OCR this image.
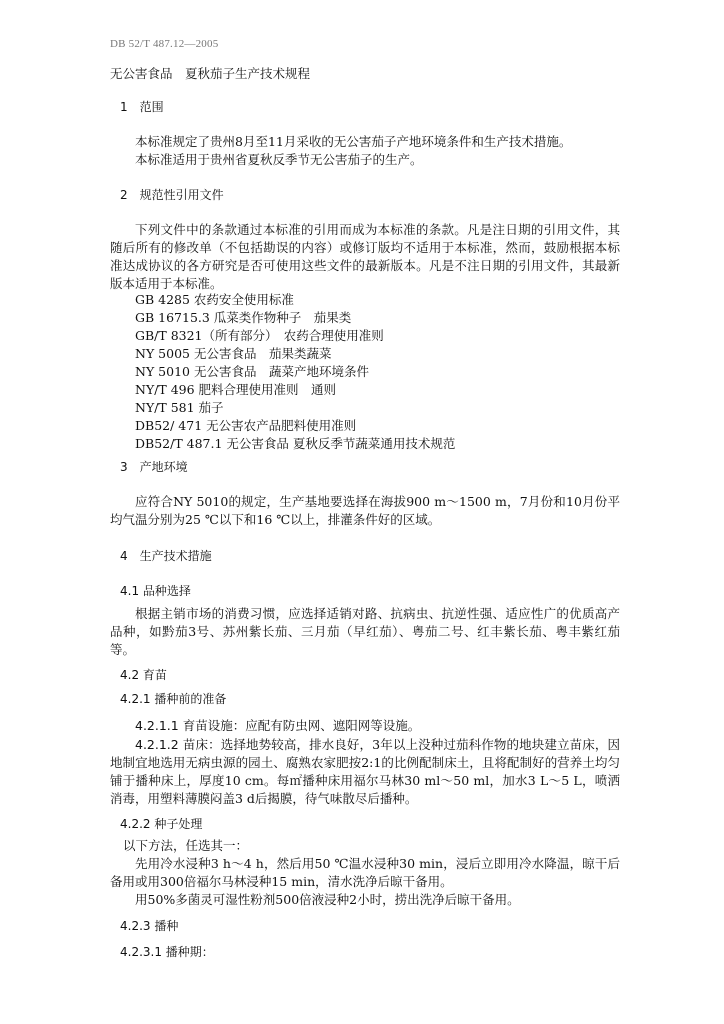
DB 52/T 487.12—2005
无公害食品　夏秋茄子生产技术规程
1　范围
本标准规定了贵州8月至11月采收的无公害茄子产地环境条件和生产技术措施。
本标准适用于贵州省夏秋反季节无公害茄子的生产。
2　规范性引用文件
下列文件中的条款通过本标准的引用而成为本标准的条款。凡是注日期的引用文件，其随后所有的修改单（不包括勘误的内容）或修订版均不适用于本标准，然而，鼓励根据本标准达成协议的各方研究是否可使用这些文件的最新版本。凡是不注日期的引用文件，其最新版本适用于本标准。
GB 4285 农药安全使用标准
GB 16715.3 瓜菜类作物种子　茄果类
GB/T 8321（所有部分）　农药合理使用准则
NY 5005 无公害食品　茄果类蔬菜
NY 5010 无公害食品　蔬菜产地环境条件
NY/T 496 肥料合理使用准则　通则
NY/T 581 茄子
DB52/ 471 无公害农产品肥料使用准则
DB52/T 487.1 无公害食品 夏秋反季节蔬菜通用技术规范
3　产地环境
应符合NY 5010的规定，生产基地要选择在海拔900 m～1500 m，7月份和10月份平均气温分别为25 ℃以下和16 ℃以上，排灌条件好的区域。
4　生产技术措施
4.1 品种选择
根据主销市场的消费习惯，应选择适销对路、抗病虫、抗逆性强、适应性广的优质高产品种，如黔茄3号、苏州紫长茄、三月茄（早红茄）、粤茄二号、红丰紫长茄、粤丰紫红茄等。
4.2 育苗
4.2.1 播种前的准备
4.2.1.1 育苗设施：应配有防虫网、遮阳网等设施。
4.2.1.2 苗床：选择地势较高，排水良好，3年以上没种过茄科作物的地块建立苗床，因地制宜地选用无病虫源的园土、腐熟农家肥按2:1的比例配制床土，且将配制好的营养土均匀铺于播种床上，厚度10 cm。每㎡播种床用福尔马林30 ml～50 ml，加水3 L～5 L，喷洒消毒，用塑料薄膜闷盖3 d后揭膜，待气味散尽后播种。
4.2.2 种子处理
以下方法，任选其一：
先用冷水浸种3 h～4 h，然后用50 ℃温水浸种30 min，浸后立即用冷水降温，晾干后备用或用300倍福尔马林浸种15 min，清水洗净后晾干备用。
用50%多菌灵可湿性粉剂500倍液浸种2小时，捞出洗净后晾干备用。
4.2.3 播种
4.2.3.1 播种期：
